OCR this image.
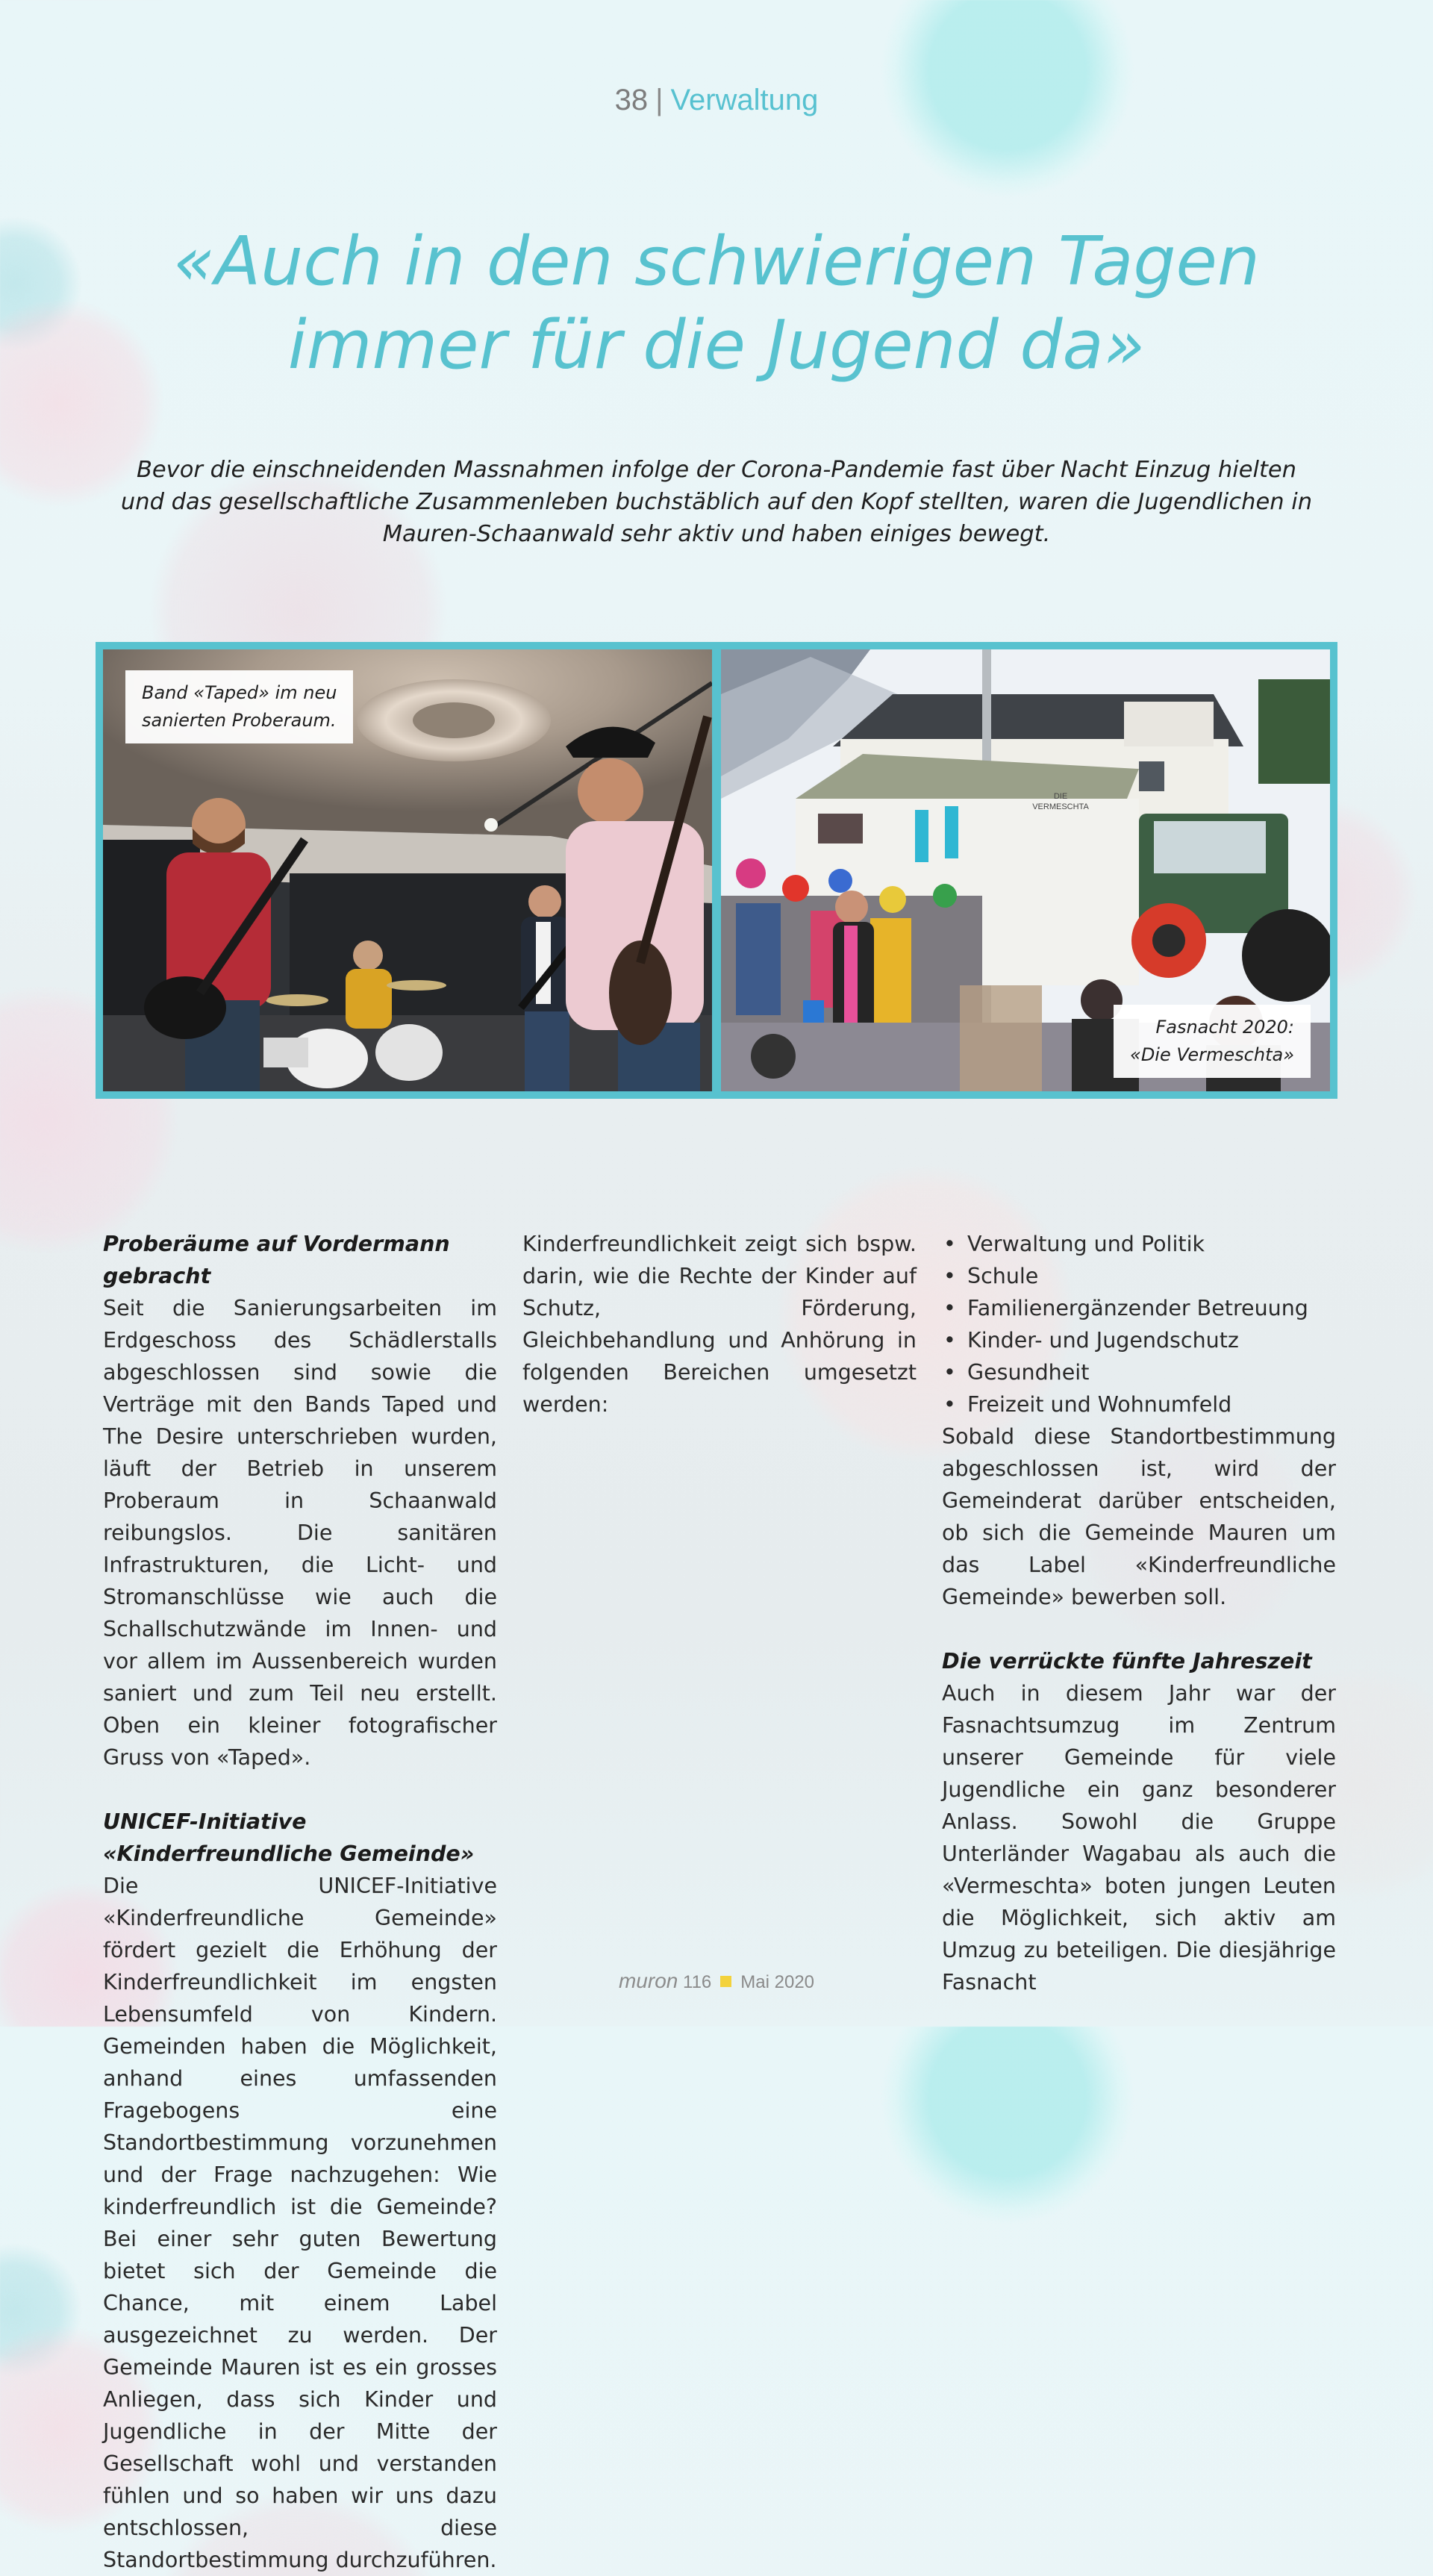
38 | Verwaltung
«Auch in den schwierigen Tagen
immer für die Jugend da»

Bevor die einschneidenden Massnahmen infolge der Corona-Pandemie fast über Nacht Einzug hielten und das gesellschaftliche Zusammenleben buchstäblich auf den Kopf stellten, waren die Jugendlichen in Mauren-Schaanwald sehr aktiv und haben einiges bewegt.

Band «Taped» im neu
sanierten Proberaum.
DIE
VERMESCHTA
Fasnacht 2020:
«Die Vermeschta»
Proberäume auf Vordermann gebracht

Seit die Sanierungsarbeiten im Erdgeschoss des Schädlerstalls abgeschlossen sind sowie die Verträge mit den Bands Taped und The Desire unterschrieben wurden, läuft der Betrieb in unserem Proberaum in Schaanwald reibungslos. Die sanitären Infrastrukturen, die Licht- und Stromanschlüsse wie auch die Schallschutzwände im Innen- und vor allem im Aussenbereich wurden saniert und zum Teil neu erstellt. Oben ein kleiner fotografischer Gruss von «Taped».

UNICEF-Initiative «Kinderfreundliche Gemeinde»

Die UNICEF-Initiative «Kinderfreundliche Gemeinde» fördert gezielt die Erhöhung der Kinderfreundlichkeit im engsten Lebensumfeld von Kindern. Gemeinden haben die Möglichkeit, anhand eines umfassenden Fragebogens eine Standortbestimmung vorzunehmen und der Frage nachzugehen: Wie kinderfreundlich ist die Gemeinde? Bei einer sehr guten Bewertung bietet sich der Gemeinde die Chance, mit einem Label ausgezeichnet zu werden. Der Gemeinde Mauren ist es ein grosses Anliegen, dass sich Kinder und Jugendliche in der Mitte der Gesellschaft wohl und verstanden fühlen und so haben wir uns dazu entschlossen, diese Standortbestimmung durchzuführen.

Kinderfreundlichkeit zeigt sich bspw. darin, wie die Rechte der Kinder auf Schutz, Förderung, Gleichbehandlung und Anhörung in folgenden Bereichen umgesetzt werden:

• Verwaltung und Politik
• Schule
• Familienergänzender Betreuung
• Kinder- und Jugendschutz
• Gesundheit
• Freizeit und Wohnumfeld

Sobald diese Standortbestimmung abgeschlossen ist, wird der Gemeinderat darüber entscheiden, ob sich die Gemeinde Mauren um das Label «Kinderfreundliche Gemeinde» bewerben soll.

Die verrückte fünfte Jahreszeit

Auch in diesem Jahr war der Fasnachtsumzug im Zentrum unserer Gemeinde für viele Jugendliche ein ganz besonderer Anlass. Sowohl die Gruppe Unterländer Wagabau als auch die «Vermeschta» boten jungen Leuten die Möglichkeit, sich aktiv am Umzug zu beteiligen. Die diesjährige Fasnacht

muron 116 Mai 2020
